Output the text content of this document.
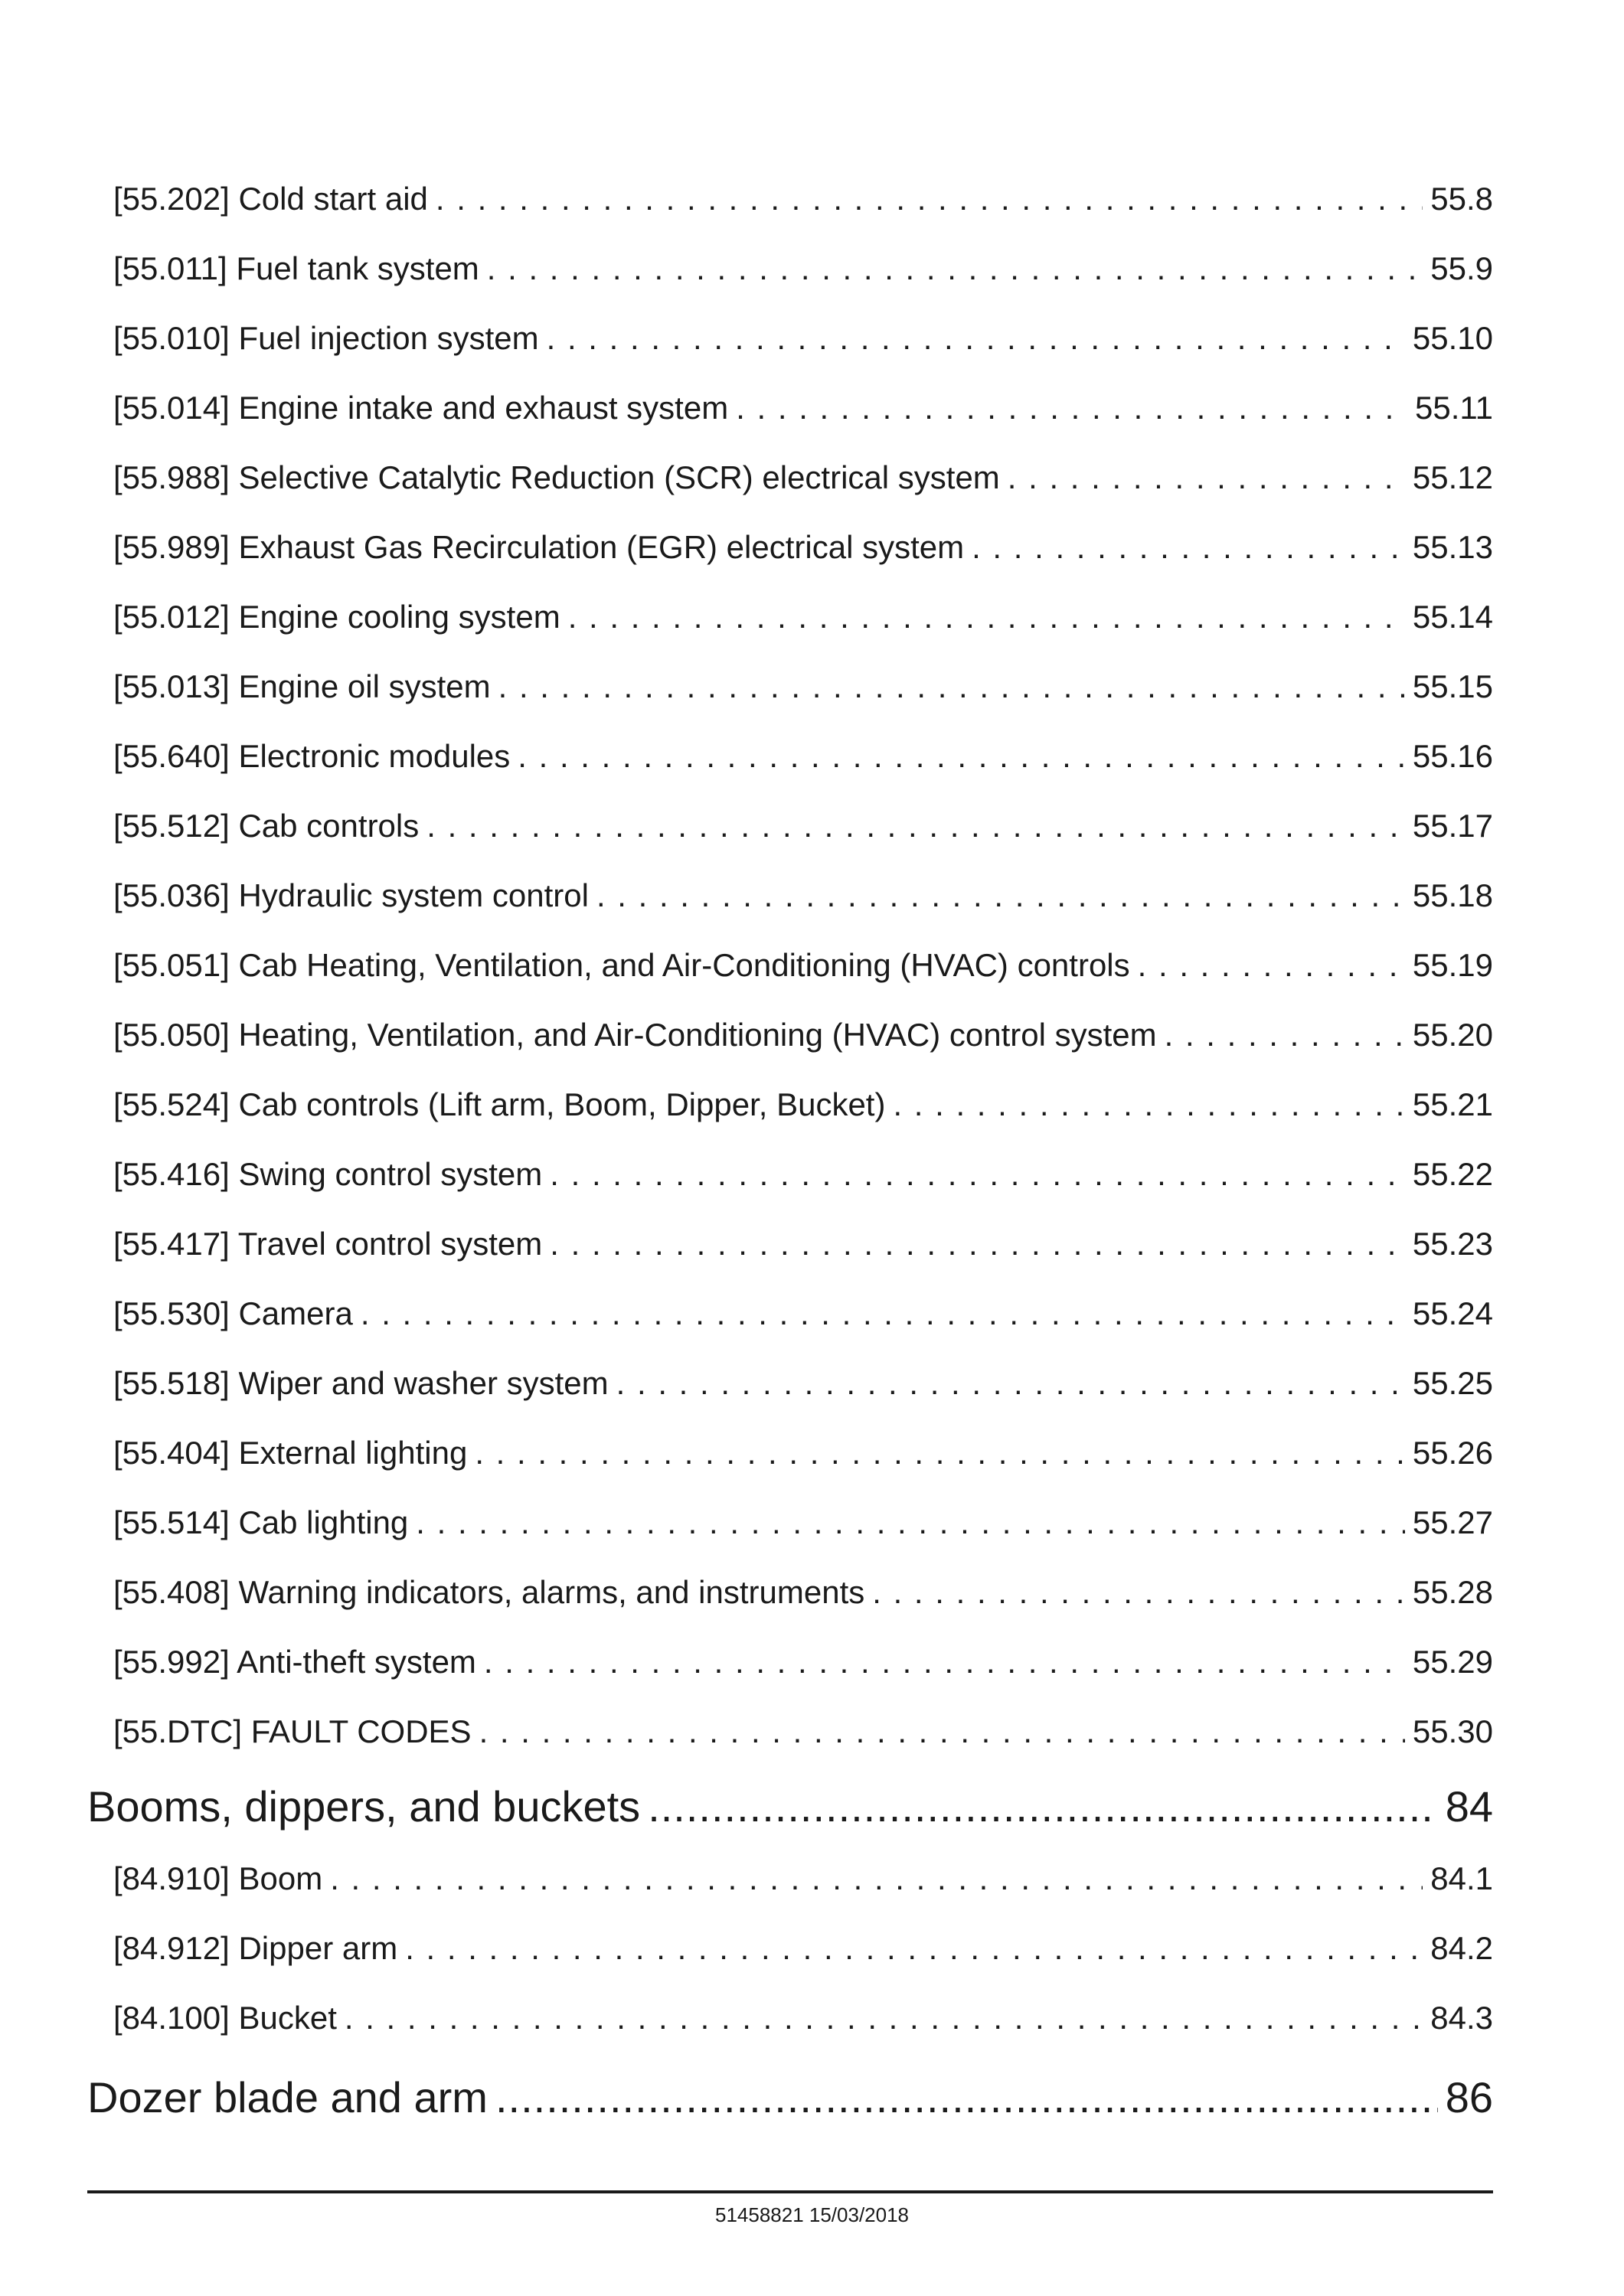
[55.202] Cold start aid . . .	55.8
[55.011] Fuel tank system . . .	55.9
[55.010] Fuel injection system . . .	55.10
[55.014] Engine intake and exhaust system . . .	55.11
[55.988] Selective Catalytic Reduction (SCR) electrical system . . .	55.12
[55.989] Exhaust Gas Recirculation (EGR) electrical system . . .	55.13
[55.012] Engine cooling system . . .	55.14
[55.013] Engine oil system . . .	55.15
[55.640] Electronic modules . . .	55.16
[55.512] Cab controls . . .	55.17
[55.036] Hydraulic system control . . .	55.18
[55.051] Cab Heating, Ventilation, and Air-Conditioning (HVAC) controls . . .	55.19
[55.050] Heating, Ventilation, and Air-Conditioning (HVAC) control system . . .	55.20
[55.524] Cab controls (Lift arm, Boom, Dipper, Bucket) . . .	55.21
[55.416] Swing control system . . .	55.22
[55.417] Travel control system . . .	55.23
[55.530] Camera . . .	55.24
[55.518] Wiper and washer system . . .	55.25
[55.404] External lighting . . .	55.26
[55.514] Cab lighting . . .	55.27
[55.408] Warning indicators, alarms, and instruments . . .	55.28
[55.992] Anti-theft system . . .	55.29
[55.DTC] FAULT CODES . . .	55.30
Booms, dippers, and buckets .....	84
[84.910] Boom . . .	84.1
[84.912] Dipper arm . . .	84.2
[84.100] Bucket . . .	84.3
Dozer blade and arm .....	86
51458821 15/03/2018
